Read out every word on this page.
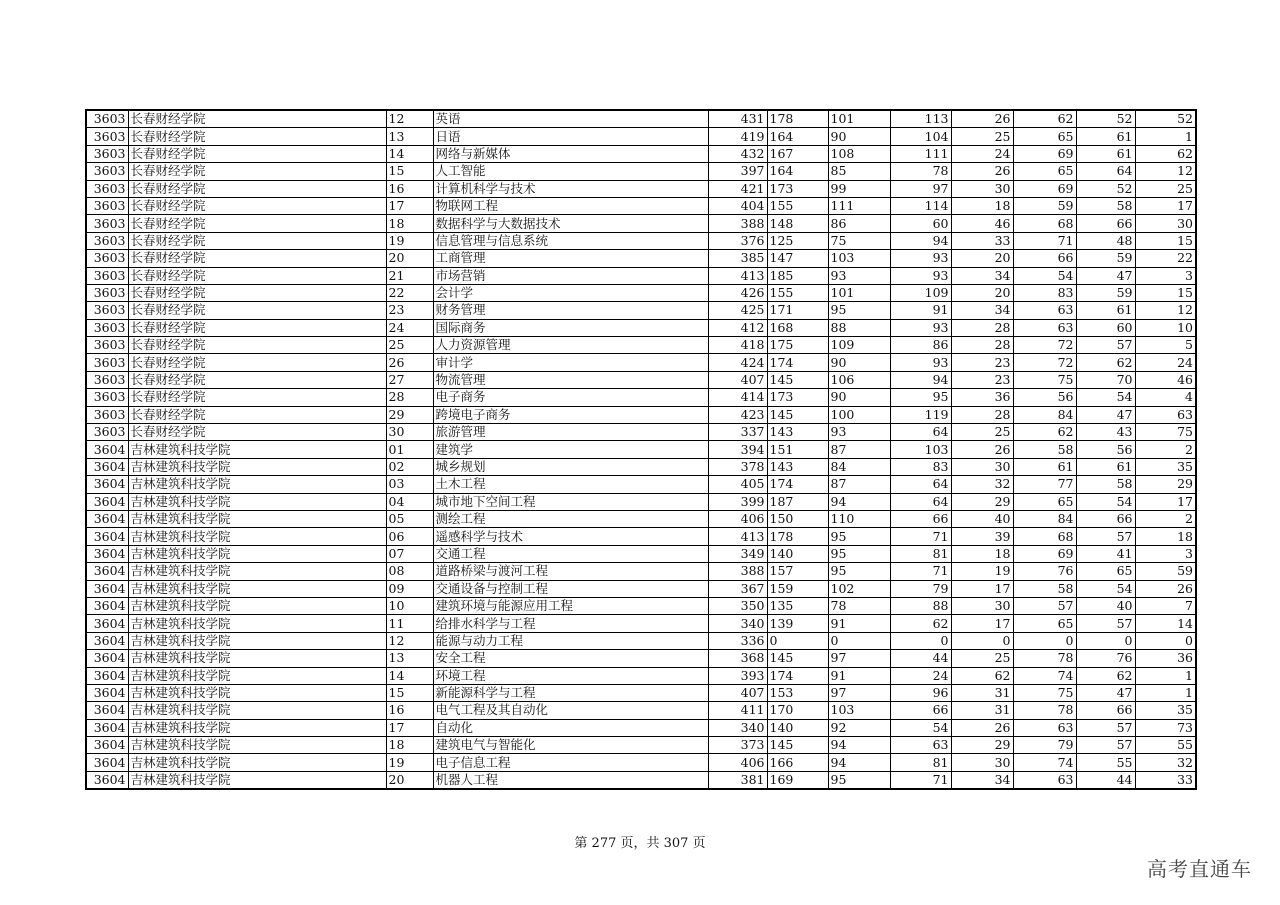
3603	长春财经学院	12	英语	431	178	101	113	26	62	52	52
3603	长春财经学院	13	日语	419	164	90	104	25	65	61	1
3603	长春财经学院	14	网络与新媒体	432	167	108	111	24	69	61	62
3603	长春财经学院	15	人工智能	397	164	85	78	26	65	64	12
3603	长春财经学院	16	计算机科学与技术	421	173	99	97	30	69	52	25
3603	长春财经学院	17	物联网工程	404	155	111	114	18	59	58	17
3603	长春财经学院	18	数据科学与大数据技术	388	148	86	60	46	68	66	30
3603	长春财经学院	19	信息管理与信息系统	376	125	75	94	33	71	48	15
3603	长春财经学院	20	工商管理	385	147	103	93	20	66	59	22
3603	长春财经学院	21	市场营销	413	185	93	93	34	54	47	3
3603	长春财经学院	22	会计学	426	155	101	109	20	83	59	15
3603	长春财经学院	23	财务管理	425	171	95	91	34	63	61	12
3603	长春财经学院	24	国际商务	412	168	88	93	28	63	60	10
3603	长春财经学院	25	人力资源管理	418	175	109	86	28	72	57	5
3603	长春财经学院	26	审计学	424	174	90	93	23	72	62	24
3603	长春财经学院	27	物流管理	407	145	106	94	23	75	70	46
3603	长春财经学院	28	电子商务	414	173	90	95	36	56	54	4
3603	长春财经学院	29	跨境电子商务	423	145	100	119	28	84	47	63
3603	长春财经学院	30	旅游管理	337	143	93	64	25	62	43	75
3604	吉林建筑科技学院	01	建筑学	394	151	87	103	26	58	56	2
3604	吉林建筑科技学院	02	城乡规划	378	143	84	83	30	61	61	35
3604	吉林建筑科技学院	03	土木工程	405	174	87	64	32	77	58	29
3604	吉林建筑科技学院	04	城市地下空间工程	399	187	94	64	29	65	54	17
3604	吉林建筑科技学院	05	测绘工程	406	150	110	66	40	84	66	2
3604	吉林建筑科技学院	06	遥感科学与技术	413	178	95	71	39	68	57	18
3604	吉林建筑科技学院	07	交通工程	349	140	95	81	18	69	41	3
3604	吉林建筑科技学院	08	道路桥梁与渡河工程	388	157	95	71	19	76	65	59
3604	吉林建筑科技学院	09	交通设备与控制工程	367	159	102	79	17	58	54	26
3604	吉林建筑科技学院	10	建筑环境与能源应用工程	350	135	78	88	30	57	40	7
3604	吉林建筑科技学院	11	给排水科学与工程	340	139	91	62	17	65	57	14
3604	吉林建筑科技学院	12	能源与动力工程	336	0	0	0	0	0	0	0
3604	吉林建筑科技学院	13	安全工程	368	145	97	44	25	78	76	36
3604	吉林建筑科技学院	14	环境工程	393	174	91	24	62	74	62	1
3604	吉林建筑科技学院	15	新能源科学与工程	407	153	97	96	31	75	47	1
3604	吉林建筑科技学院	16	电气工程及其自动化	411	170	103	66	31	78	66	35
3604	吉林建筑科技学院	17	自动化	340	140	92	54	26	63	57	73
3604	吉林建筑科技学院	18	建筑电气与智能化	373	145	94	63	29	79	57	55
3604	吉林建筑科技学院	19	电子信息工程	406	166	94	81	30	74	55	32
3604	吉林建筑科技学院	20	机器人工程	381	169	95	71	34	63	44	33
第 277 页，共 307 页
高考直通车
